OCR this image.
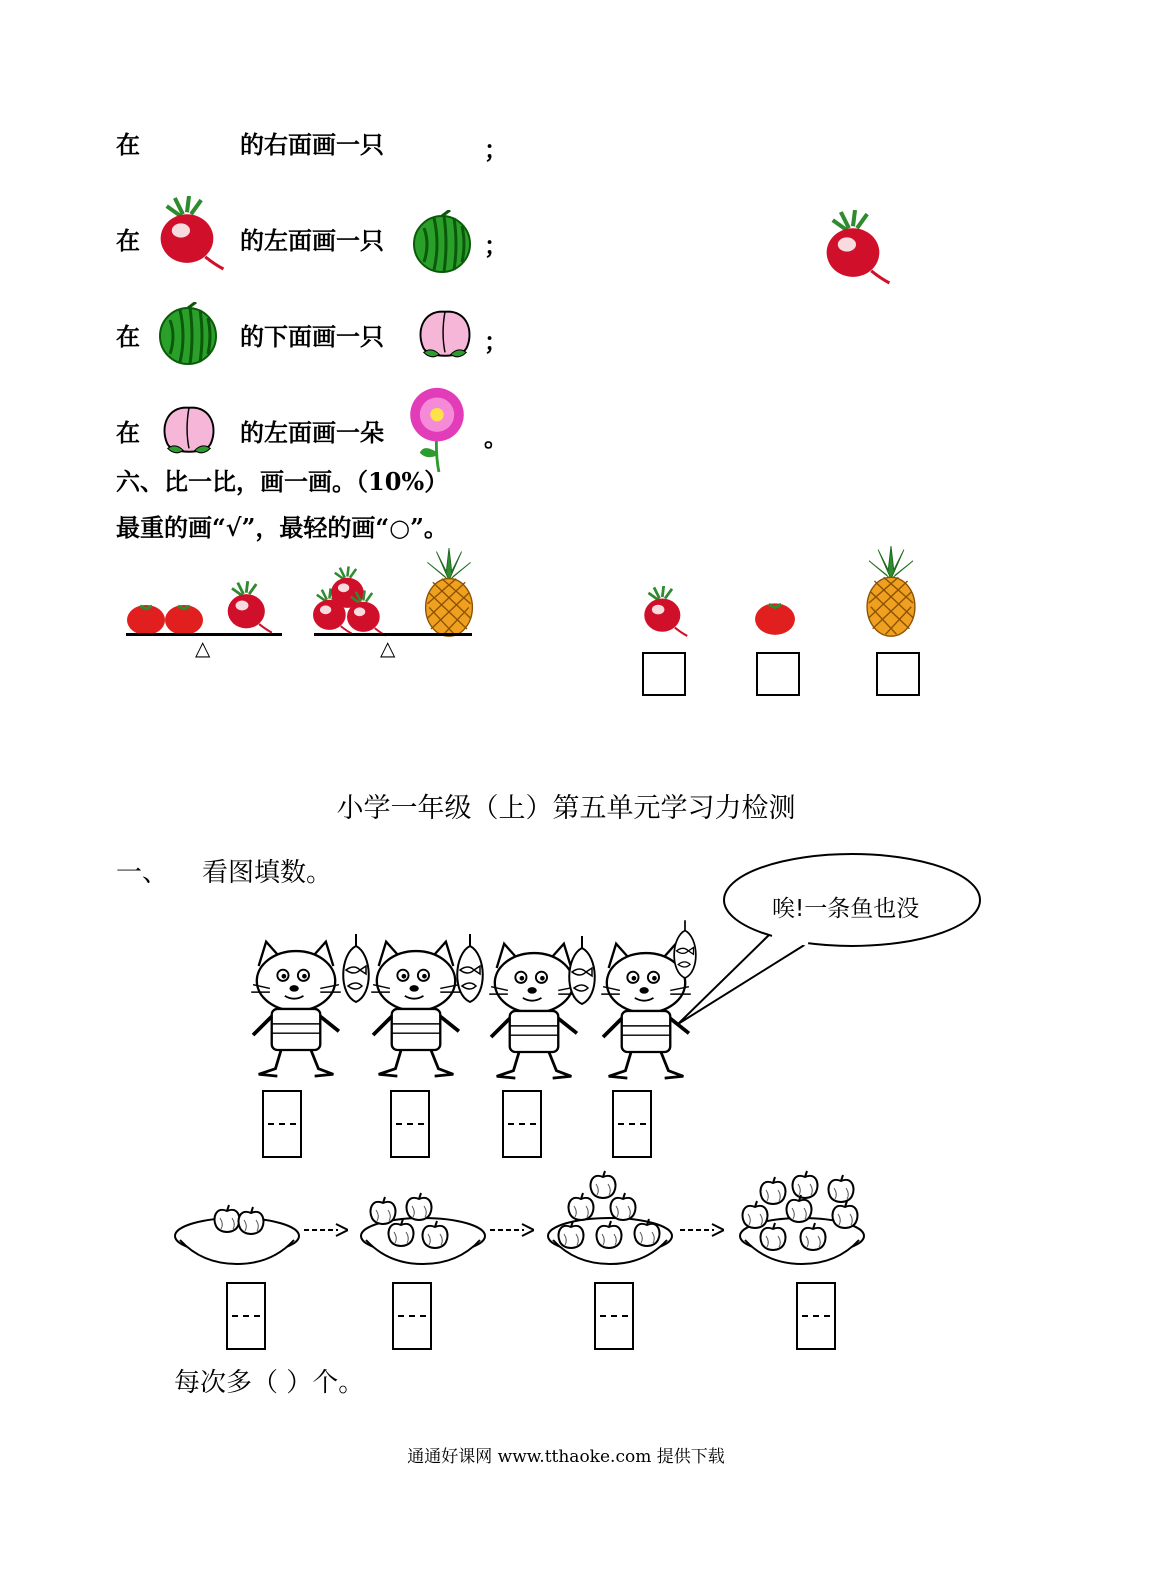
在	的右面画一只	；
在	的左面画一只	；
在	的下面画一只	；
在	的左面画一朵	。
六、比一比，画一画。（10%）
最重的画“√”，最轻的画“○”。
△	△
小学一年级（上）第五单元学习力检测
一、 看图填数。
唉!一条鱼也没
每次多（ ）个。
通通好课网 www.tthaoke.com 提供下载
